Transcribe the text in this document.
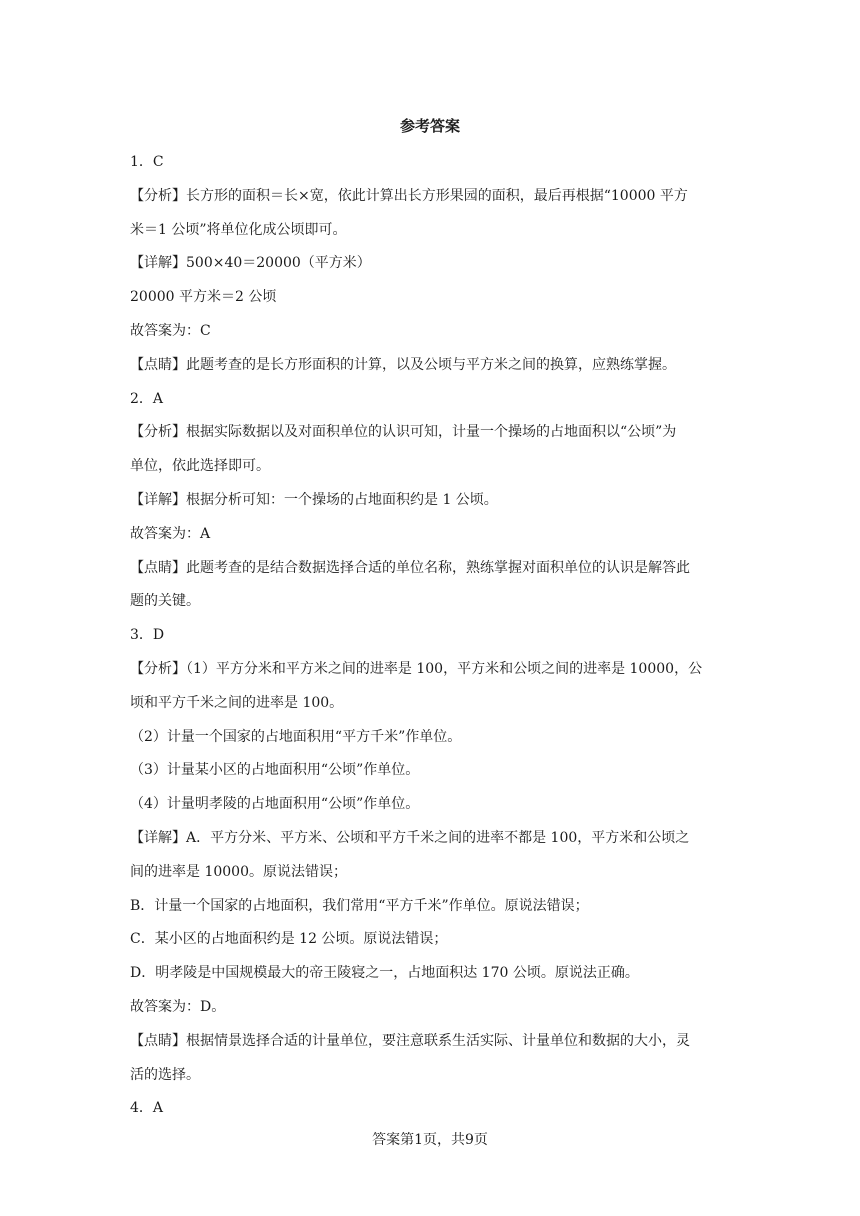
参考答案
1．C
【分析】长方形的面积＝长×宽，依此计算出长方形果园的面积，最后再根据“10000 平方
米＝1 公顷”将单位化成公顷即可。
【详解】500×40＝20000（平方米）
20000 平方米＝2 公顷
故答案为：C
【点睛】此题考查的是长方形面积的计算，以及公顷与平方米之间的换算，应熟练掌握。
2．A
【分析】根据实际数据以及对面积单位的认识可知，计量一个操场的占地面积以“公顷”为
单位，依此选择即可。
【详解】根据分析可知：一个操场的占地面积约是 1 公顷。
故答案为：A
【点睛】此题考查的是结合数据选择合适的单位名称，熟练掌握对面积单位的认识是解答此
题的关键。
3．D
【分析】（1）平方分米和平方米之间的进率是 100，平方米和公顷之间的进率是 10000，公
顷和平方千米之间的进率是 100。
（2）计量一个国家的占地面积用“平方千米”作单位。
（3）计量某小区的占地面积用“公顷”作单位。
（4）计量明孝陵的占地面积用“公顷”作单位。
【详解】A．平方分米、平方米、公顷和平方千米之间的进率不都是 100，平方米和公顷之
间的进率是 10000。原说法错误；
B．计量一个国家的占地面积，我们常用“平方千米”作单位。原说法错误；
C．某小区的占地面积约是 12 公顷。原说法错误；
D．明孝陵是中国规模最大的帝王陵寝之一，占地面积达 170 公顷。原说法正确。
故答案为：D。
【点睛】根据情景选择合适的计量单位，要注意联系生活实际、计量单位和数据的大小，灵
活的选择。
4．A
答案第1页，共9页
